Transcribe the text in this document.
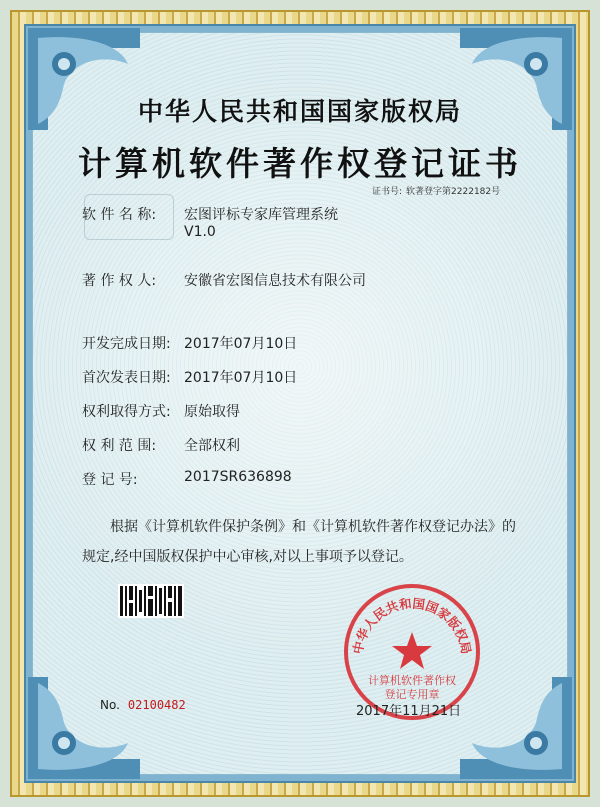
中华人民共和国国家版权局
计算机软件著作权登记证书
证书号: 软著登字第2222182号
软 件 名 称: 宏图评标专家库管理系统
V1.0
著 作 权 人: 安徽省宏图信息技术有限公司
开发完成日期: 2017年07月10日
首次发表日期: 2017年07月10日
权利取得方式: 原始取得
权 利 范 围: 全部权利
登 记 号:	2017SR636898
根据《计算机软件保护条例》和《计算机软件著作权登记办法》的规定,经中国版权保护中心审核,对以上事项予以登记。
中华人民共和国国家版权局
计算机软件著作权
登记专用章
No. 02100482	2017年11月21日
